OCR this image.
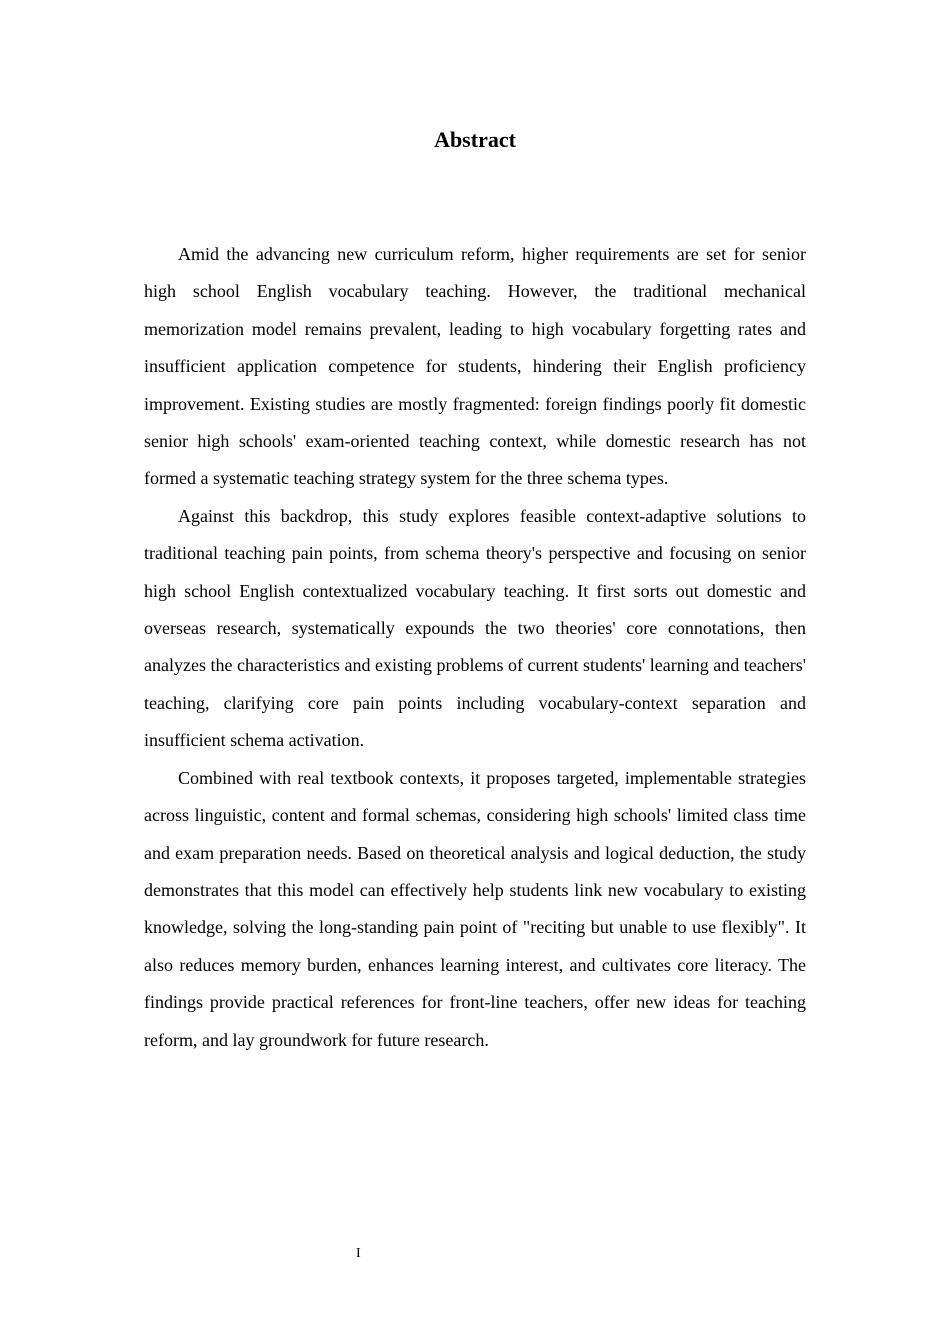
Abstract

Amid the advancing new curriculum reform, higher requirements are set for senior high school English vocabulary teaching. However, the traditional mechanical memorization model remains prevalent, leading to high vocabulary forgetting rates and insufficient application competence for students, hindering their English proficiency improvement. Existing studies are mostly fragmented: foreign findings poorly fit domestic senior high schools' exam-oriented teaching context, while domestic research has not formed a systematic teaching strategy system for the three schema types.

Against this backdrop, this study explores feasible context-adaptive solutions to traditional teaching pain points, from schema theory's perspective and focusing on senior high school English contextualized vocabulary teaching. It first sorts out domestic and overseas research, systematically expounds the two theories' core connotations, then analyzes the characteristics and existing problems of current students' learning and teachers' teaching, clarifying core pain points including vocabulary-context separation and insufficient schema activation.

Combined with real textbook contexts, it proposes targeted, implementable strategies across linguistic, content and formal schemas, considering high schools' limited class time and exam preparation needs. Based on theoretical analysis and logical deduction, the study demonstrates that this model can effectively help students link new vocabulary to existing knowledge, solving the long-standing pain point of "reciting but unable to use flexibly". It also reduces memory burden, enhances learning interest, and cultivates core literacy. The findings provide practical references for front-line teachers, offer new ideas for teaching reform, and lay groundwork for future research.

I
